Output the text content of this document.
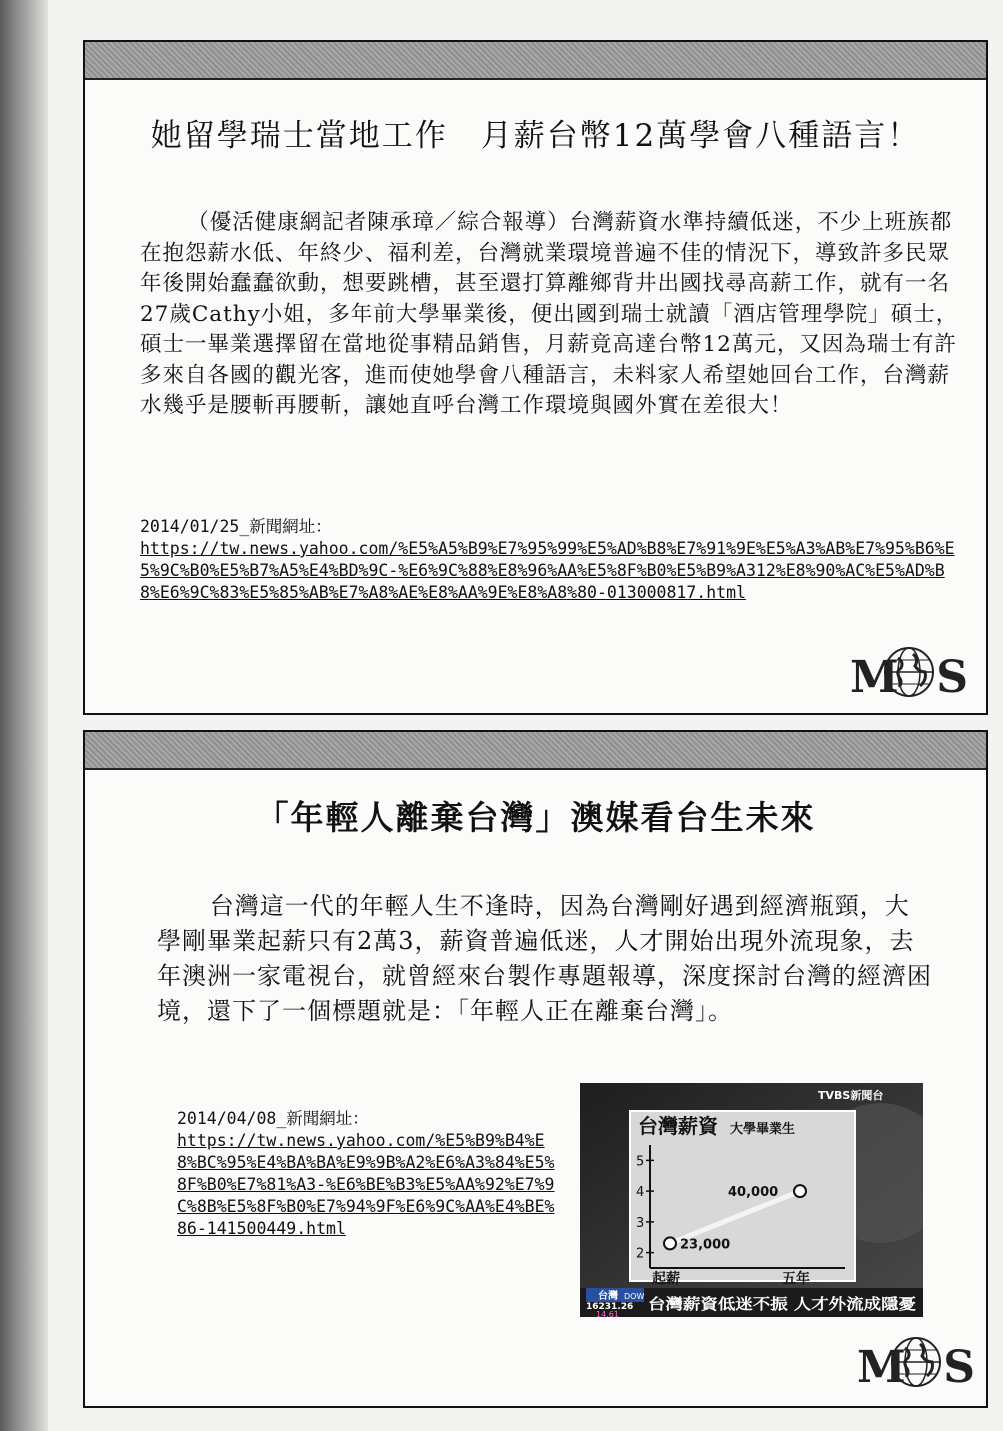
她留學瑞士當地工作　月薪台幣12萬學會八種語言！

（優活健康網記者陳承璋／綜合報導）台灣薪資水準持續低迷，不少上班族都在抱怨薪水低、年終少、福利差，台灣就業環境普遍不佳的情況下，導致許多民眾年後開始蠢蠢欲動，想要跳槽，甚至還打算離鄉背井出國找尋高薪工作，就有一名27歲Cathy小姐，多年前大學畢業後，便出國到瑞士就讀「酒店管理學院」碩士，碩士一畢業選擇留在當地從事精品銷售，月薪竟高達台幣12萬元，又因為瑞士有許多來自各國的觀光客，進而使她學會八種語言，未料家人希望她回台工作，台灣薪水幾乎是腰斬再腰斬，讓她直呼台灣工作環境與國外實在差很大！

2014/01/25_新聞網址：
https://tw.news.yahoo.com/%E5%A5%B9%E7%95%99%E5%AD%B8%E7%91%9E%E5%A3%AB%E7%95%B6%E5%9C%B0%E5%B7%A5%E4%BD%9C-%E6%9C%88%E8%96%AA%E5%8F%B0%E5%B9%A312%E8%90%AC%E5%AD%B8%E6%9C%83%E5%85%AB%E7%A8%AE%E8%AA%9E%E8%A8%80-013000817.html
MS
「年輕人離棄台灣」澳媒看台生未來

台灣這一代的年輕人生不逢時，因為台灣剛好遇到經濟瓶頸，大學剛畢業起薪只有2萬3，薪資普遍低迷，人才開始出現外流現象，去年澳洲一家電視台，就曾經來台製作專題報導，深度探討台灣的經濟困境，還下了一個標題就是：「年輕人正在離棄台灣」。

2014/04/08_新聞網址：
https://tw.news.yahoo.com/%E5%B9%B4%E8%BC%95%E4%BA%BA%E9%9B%A2%E6%A3%84%E5%8F%B0%E7%81%A3-%E6%BE%B3%E5%AA%92%E7%9C%8B%E5%8F%B0%E7%94%9F%E6%9C%AA%E4%BE%86-141500449.html
TVBS新聞台
台灣薪資 大學畢業生
2
3
4
5
起薪	五年
23,000
40,000
台灣 DOW
16231.26
14.61
台灣薪資低迷不振 人才外流成隱憂
MS
